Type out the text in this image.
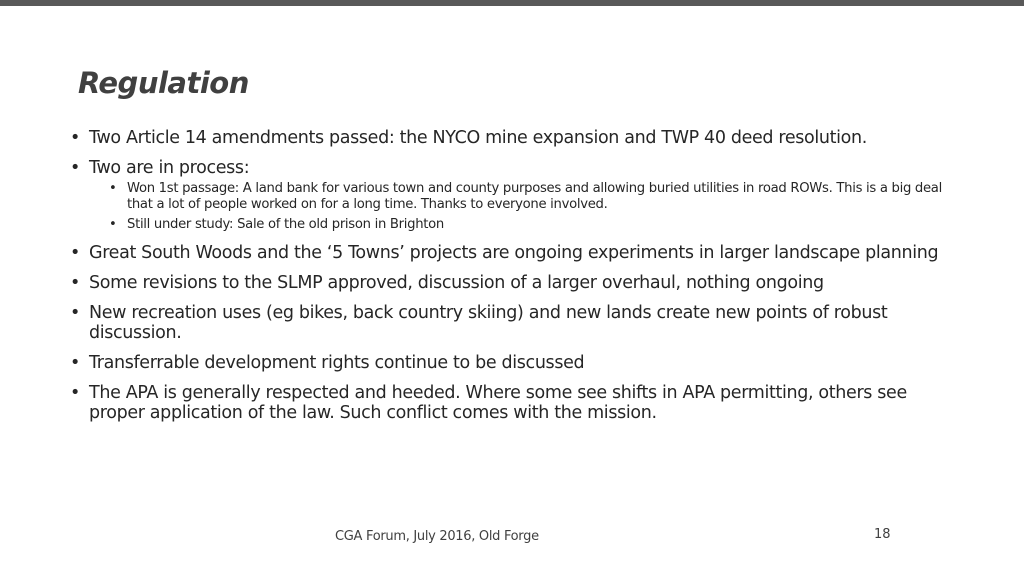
Regulation
• Two Article 14 amendments passed: the NYCO mine expansion and TWP 40 deed resolution.
• Two are in process:
• Won 1st passage: A land bank for various town and county purposes and allowing buried utilities in road ROWs. This is a big deal that a lot of people worked on for a long time. Thanks to everyone involved.
• Still under study: Sale of the old prison in Brighton
• Great South Woods and the ‘5 Towns’ projects are ongoing experiments in larger landscape planning
• Some revisions to the SLMP approved, discussion of a larger overhaul, nothing ongoing
• New recreation uses (eg bikes, back country skiing) and new lands create new points of robust discussion.
• Transferrable development rights continue to be discussed
• The APA is generally respected and heeded. Where some see shifts in APA permitting, others see proper application of the law. Such conflict comes with the mission.
CGA Forum, July 2016, Old Forge	18
